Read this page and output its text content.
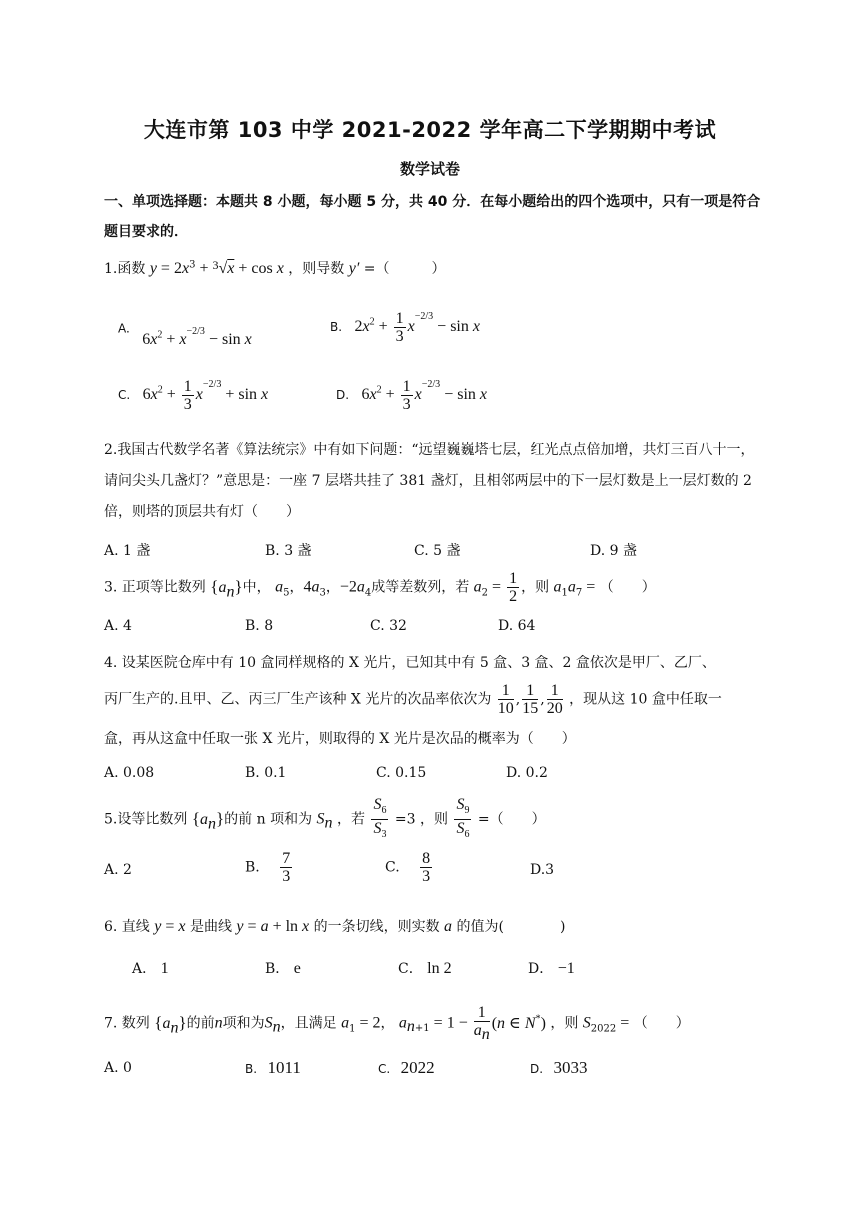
大连市第 103 中学 2021-2022 学年高二下学期期中考试
数学试卷
一、单项选择题：本题共 8 小题，每小题 5 分，共 40 分．在每小题给出的四个选项中，只有一项是符合题目要求的．
1.函数 $y = 2x^3 + 3√x + \cos x$ ，则导数 y′ =（　　　）
A. $6x^2 + x^{-2/3} - \sin x$
B. $2x^2 + \frac{1}{3} x^{-2/3} - \sin x$
C. $6x^2 + \frac{1}{3} x^{-2/3} + \sin x$	D. $6x^2 + \frac{1}{3} x^{-2/3} - \sin x$
2.我国古代数学名著《算法统宗》中有如下问题：“远望巍巍塔七层，红光点点倍加增，共灯三百八十一，请问尖头几盏灯？”意思是：一座 7 层塔共挂了 381 盏灯，且相邻两层中的下一层灯数是上一层灯数的 2 倍，则塔的顶层共有灯（　　）
A. 1 盏	B. 3 盏	C. 5 盏	D. 9 盏
3. 正项等比数列 $\{a_n\}$中， $a_5$，$4a_3$，$-2a_4$成等差数列，若 $a_2 = \frac{1}{2}$ ，则 $a_1a_7$ = （　　）
A. 4	B. 8	C. 32	D. 64
4. 设某医院仓库中有 10 盒同样规格的 X 光片，已知其中有 5 盒、3 盒、2 盒依次是甲厂、乙厂、
丙厂生产的.且甲、乙、丙三厂生产该种 X 光片的次品率依次为 $\frac{1}{10}$ , $\frac{1}{15}$ , $\frac{1}{20}$ ，现从这 10 盒中任取一
盒，再从这盒中任取一张 X 光片，则取得的 X 光片是次品的概率为（　　）
A. 0.08	B. 0.1	C. 0.15	D. 0.2
5.设等比数列 $\{a_n\}$的前 n 项和为 $S_n$ ，若 $\frac{S_6}{S_3} =3$ ，则 $\frac{S_9}{S_6}$ =（　　）
A. 2	B. $\frac{7}{3}$	C. $\frac{8}{3}$	D.3
6. 直线 y = x 是曲线 y = a + ln x 的一条切线，则实数 a 的值为(　　　　)
A． 1	B． e	C． ln 2	D． −1
7. 数列 $\{a_n\}$的前n项和为$S_n$，且满足 $a_1 = 2$， $a_{n+1} = 1 - \frac{1}{a_n} (n$ ∈ N*) ，则 $S_{2022}$ = （　　）
A. 0	B. 1011	C. 2022	D. 3033
